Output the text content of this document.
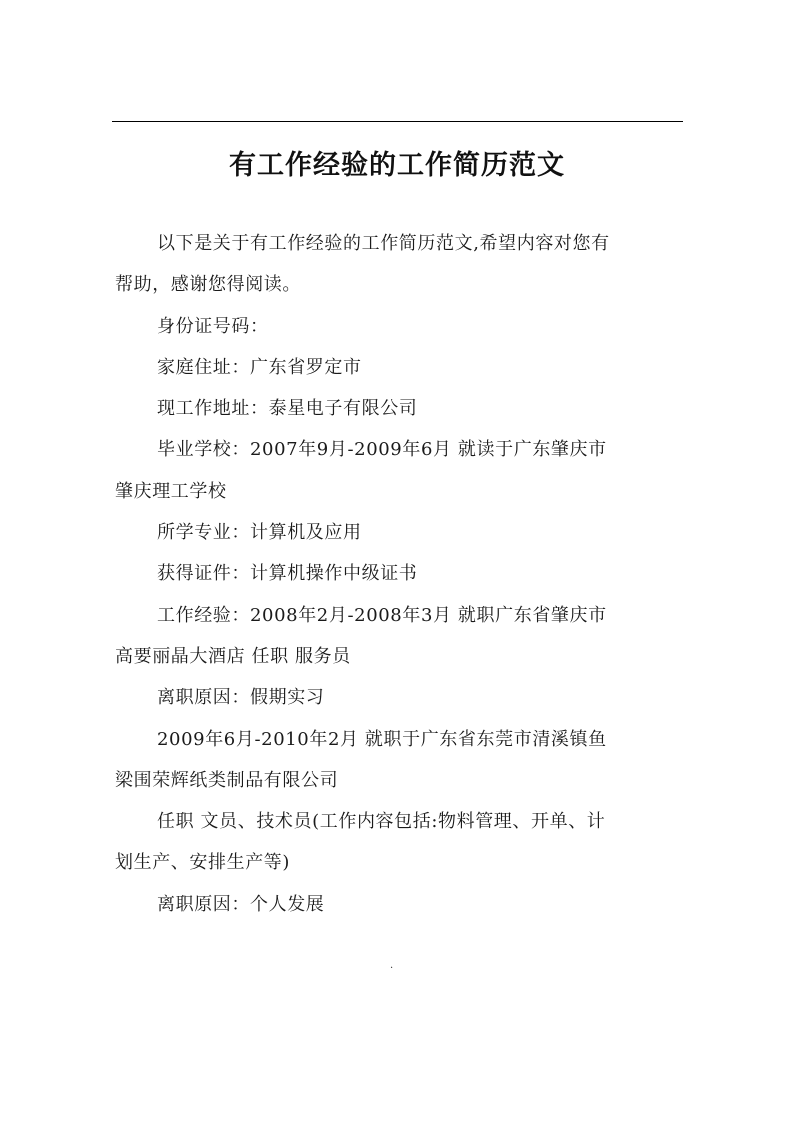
有工作经验的工作简历范文
以下是关于有工作经验的工作简历范文,希望内容对您有
帮助，感谢您得阅读。
身份证号码：
家庭住址：广东省罗定市
现工作地址：泰星电子有限公司
毕业学校：2007年9月-2009年6月 就读于广东肇庆市
肇庆理工学校
所学专业：计算机及应用
获得证件：计算机操作中级证书
工作经验：2008年2月-2008年3月 就职广东省肇庆市
高要丽晶大酒店 任职 服务员
离职原因：假期实习
2009年6月-2010年2月 就职于广东省东莞市清溪镇鱼
梁围荣辉纸类制品有限公司
任职 文员、技术员(工作内容包括:物料管理、开单、计
划生产、安排生产等)
离职原因：个人发展
.
